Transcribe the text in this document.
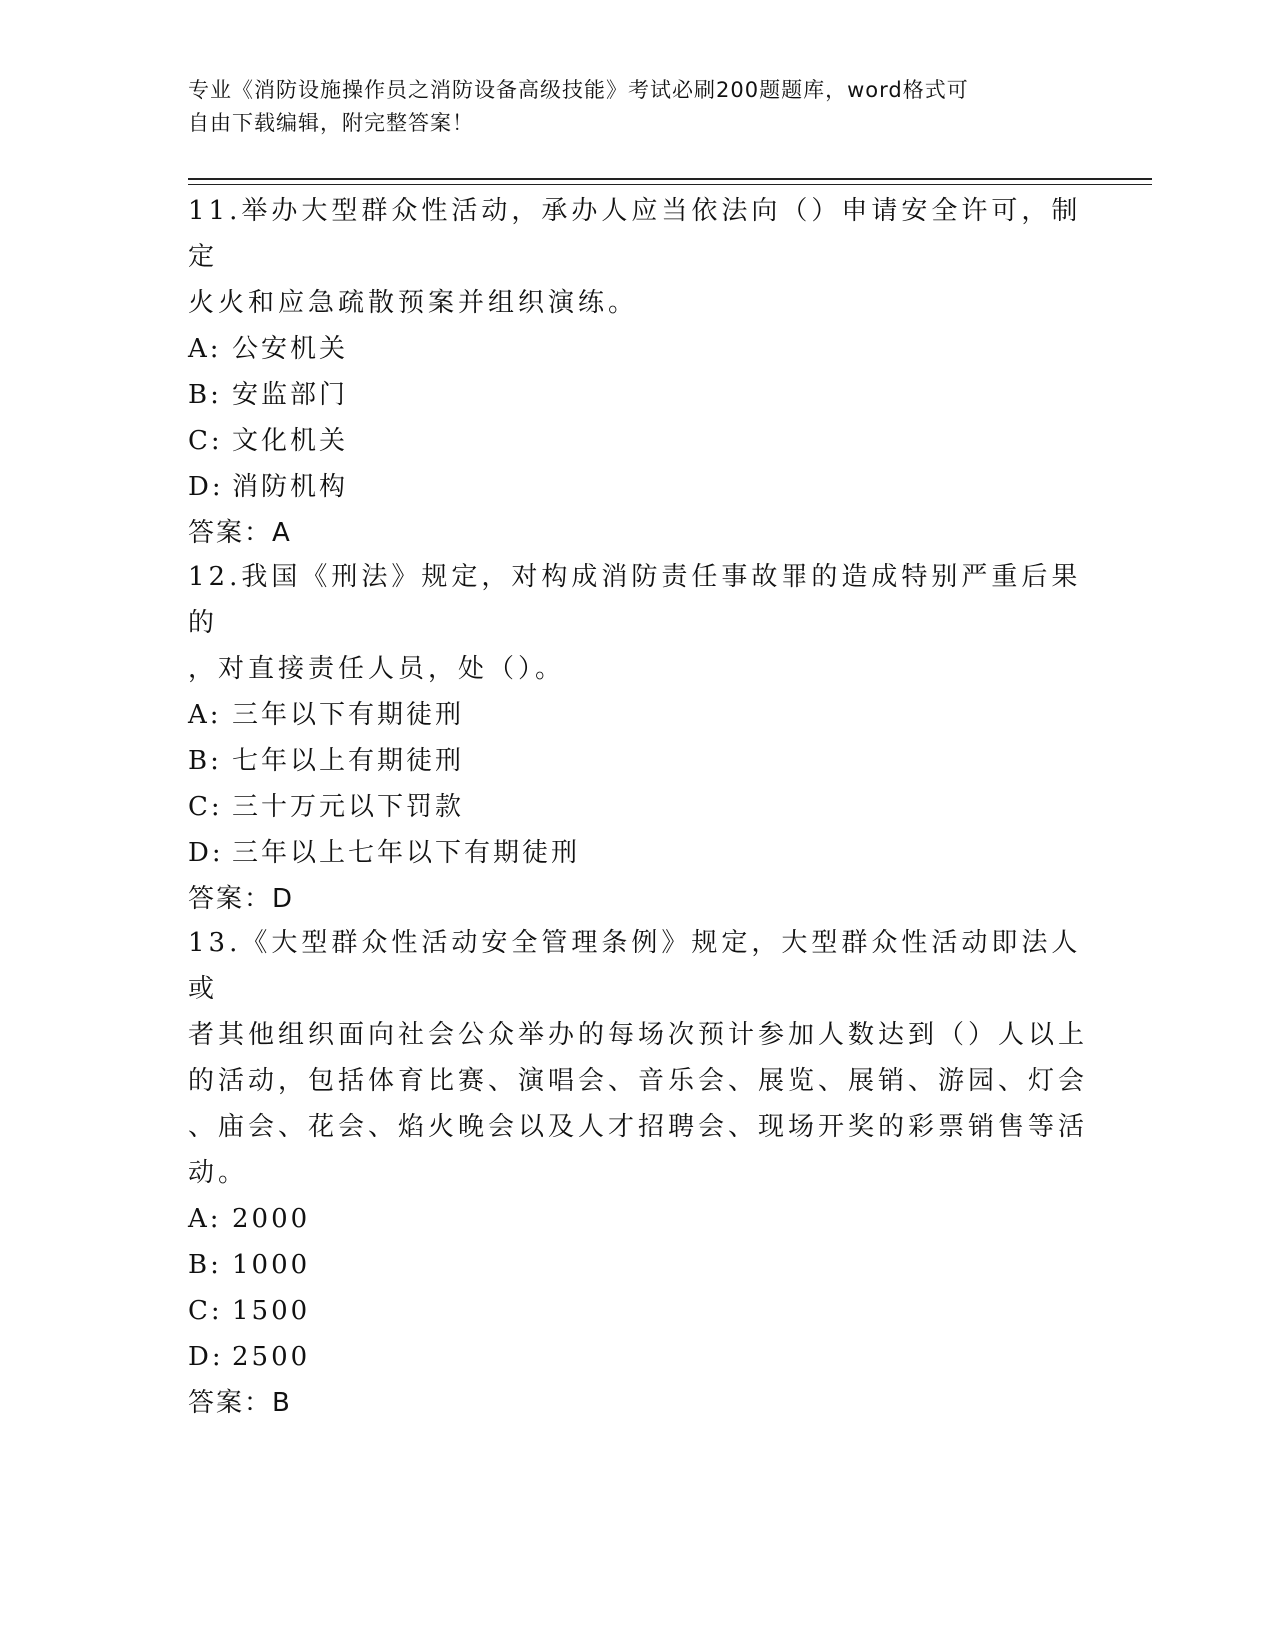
专业《消防设施操作员之消防设备高级技能》考试必刷200题题库，word格式可
自由下载编辑，附完整答案！
11.举办大型群众性活动，承办人应当依法向（）申请安全许可，制定
火火和应急疏散预案并组织演练。
A: 公安机关
B: 安监部门
C: 文化机关
D: 消防机构
答案：A
12.我国《刑法》规定，对构成消防责任事故罪的造成特别严重后果的
，对直接责任人员，处（）。
A: 三年以下有期徒刑
B: 七年以上有期徒刑
C: 三十万元以下罚款
D: 三年以上七年以下有期徒刑
答案：D
13.《大型群众性活动安全管理条例》规定，大型群众性活动即法人或
者其他组织面向社会公众举办的每场次预计参加人数达到（）人以上
的活动，包括体育比赛、演唱会、音乐会、展览、展销、游园、灯会
、庙会、花会、焰火晚会以及人才招聘会、现场开奖的彩票销售等活
动。
A: 2000
B: 1000
C: 1500
D: 2500
答案：B
